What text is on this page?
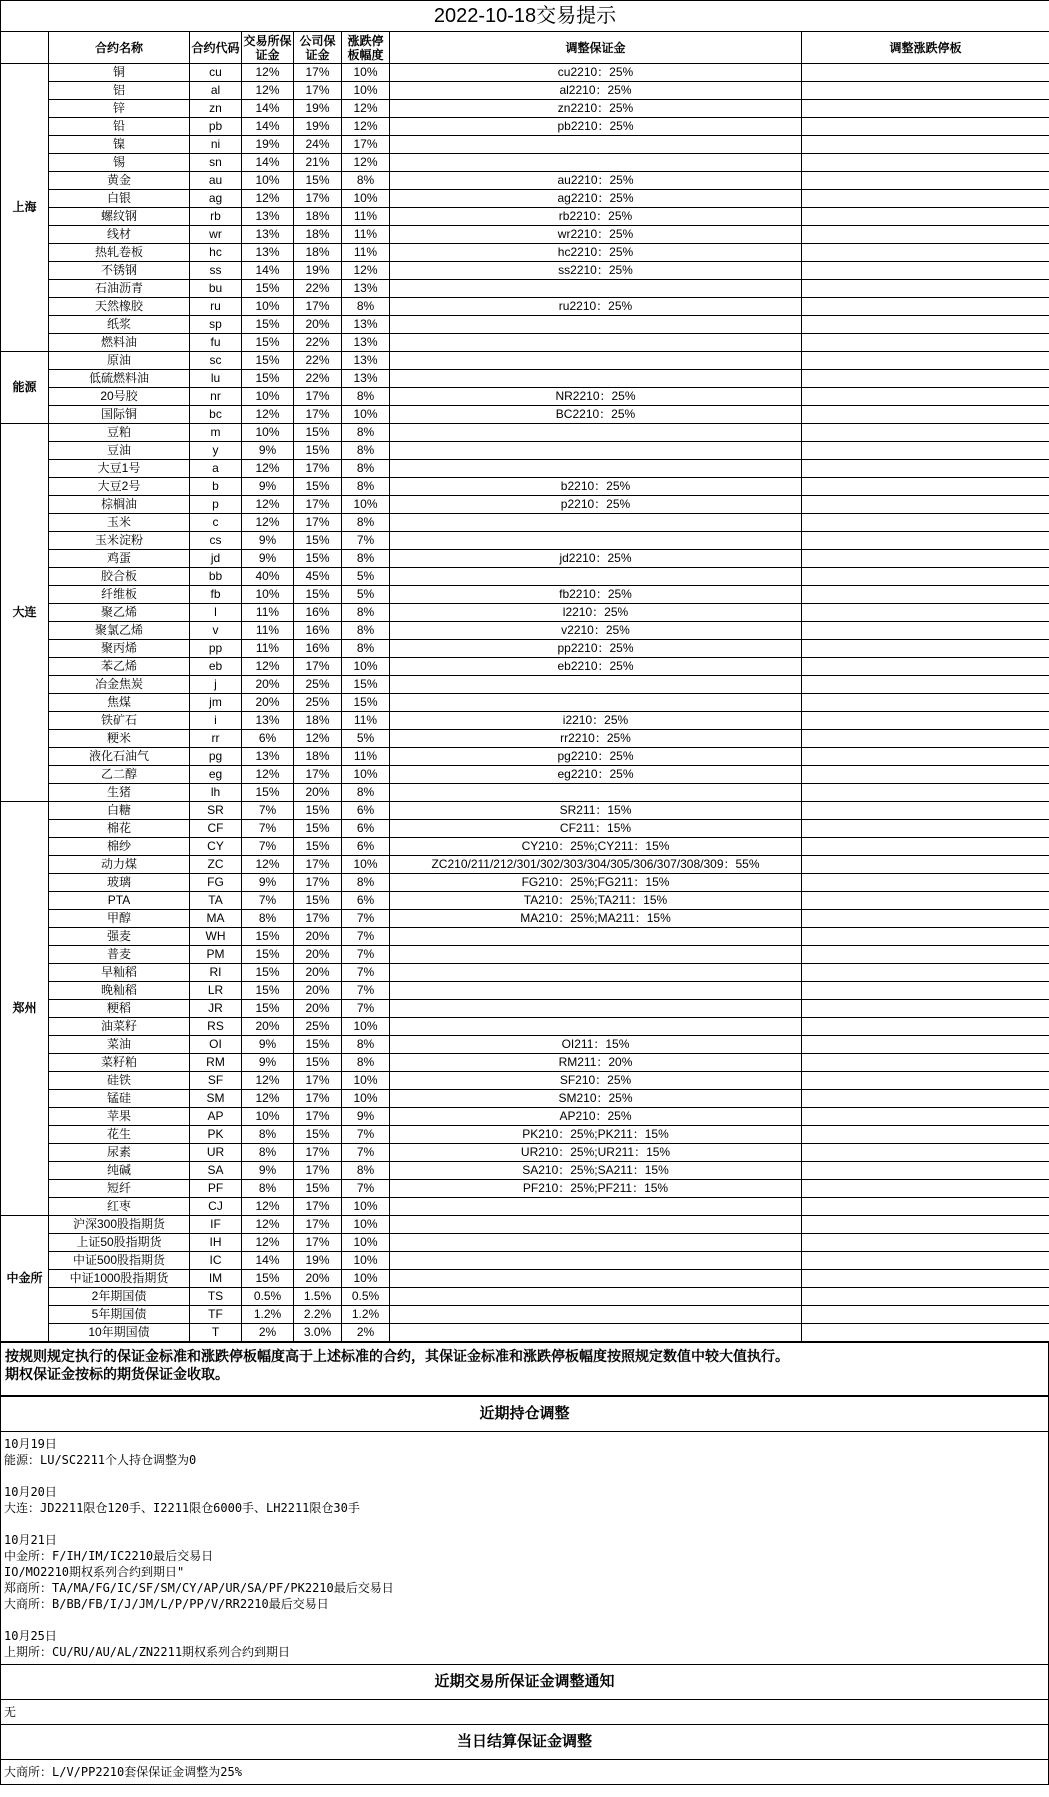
2022-10-18交易提示							
	合约名称	合约代码	交易所保证金	公司保证金	涨跌停板幅度	调整保证金	调整涨跌停板
上海	铜	cu	12%	17%	10%	cu2210：25%	
	铝	al	12%	17%	10%	al2210：25%	
	锌	zn	14%	19%	12%	zn2210：25%	
	铅	pb	14%	19%	12%	pb2210：25%	
	镍	ni	19%	24%	17%		
	锡	sn	14%	21%	12%		
	黄金	au	10%	15%	8%	au2210：25%	
	白银	ag	12%	17%	10%	ag2210：25%	
	螺纹钢	rb	13%	18%	11%	rb2210：25%	
	线材	wr	13%	18%	11%	wr2210：25%	
	热轧卷板	hc	13%	18%	11%	hc2210：25%	
	不锈钢	ss	14%	19%	12%	ss2210：25%	
	石油沥青	bu	15%	22%	13%		
	天然橡胶	ru	10%	17%	8%	ru2210：25%	
	纸浆	sp	15%	20%	13%		
	燃料油	fu	15%	22%	13%		
能源	原油	sc	15%	22%	13%		
	低硫燃料油	lu	15%	22%	13%		
	20号胶	nr	10%	17%	8%	NR2210：25%	
	国际铜	bc	12%	17%	10%	BC2210：25%	
大连	豆粕	m	10%	15%	8%		
	豆油	y	9%	15%	8%		
	大豆1号	a	12%	17%	8%		
	大豆2号	b	9%	15%	8%	b2210：25%	
	棕榈油	p	12%	17%	10%	p2210：25%	
	玉米	c	12%	17%	8%		
	玉米淀粉	cs	9%	15%	7%		
	鸡蛋	jd	9%	15%	8%	jd2210：25%	
	胶合板	bb	40%	45%	5%		
	纤维板	fb	10%	15%	5%	fb2210：25%	
	聚乙烯	l	11%	16%	8%	l2210：25%	
	聚氯乙烯	v	11%	16%	8%	v2210：25%	
	聚丙烯	pp	11%	16%	8%	pp2210：25%	
	苯乙烯	eb	12%	17%	10%	eb2210：25%	
	冶金焦炭	j	20%	25%	15%		
	焦煤	jm	20%	25%	15%		
	铁矿石	i	13%	18%	11%	i2210：25%	
	粳米	rr	6%	12%	5%	rr2210：25%	
	液化石油气	pg	13%	18%	11%	pg2210：25%	
	乙二醇	eg	12%	17%	10%	eg2210：25%	
	生猪	lh	15%	20%	8%		
郑州	白糖	SR	7%	15%	6%	SR211：15%	
	棉花	CF	7%	15%	6%	CF211：15%	
	棉纱	CY	7%	15%	6%	CY210：25%;CY211：15%	
	动力煤	ZC	12%	17%	10%	ZC210/211/212/301/302/303/304/305/306/307/308/309：55%	
	玻璃	FG	9%	17%	8%	FG210：25%;FG211：15%	
	PTA	TA	7%	15%	6%	TA210：25%;TA211：15%	
	甲醇	MA	8%	17%	7%	MA210：25%;MA211：15%	
	强麦	WH	15%	20%	7%		
	普麦	PM	15%	20%	7%		
	早籼稻	RI	15%	20%	7%		
	晚籼稻	LR	15%	20%	7%		
	粳稻	JR	15%	20%	7%		
	油菜籽	RS	20%	25%	10%		
	菜油	OI	9%	15%	8%	OI211：15%	
	菜籽粕	RM	9%	15%	8%	RM211：20%	
	硅铁	SF	12%	17%	10%	SF210：25%	
	锰硅	SM	12%	17%	10%	SM210：25%	
	苹果	AP	10%	17%	9%	AP210：25%	
	花生	PK	8%	15%	7%	PK210：25%;PK211：15%	
	尿素	UR	8%	17%	7%	UR210：25%;UR211：15%	
	纯碱	SA	9%	17%	8%	SA210：25%;SA211：15%	
	短纤	PF	8%	15%	7%	PF210：25%;PF211：15%	
	红枣	CJ	12%	17%	10%		
中金所	沪深300股指期货	IF	12%	17%	10%		
	上证50股指期货	IH	12%	17%	10%		
	中证500股指期货	IC	14%	19%	10%		
	中证1000股指期货	IM	15%	20%	10%		
	2年期国债	TS	0.5%	1.5%	0.5%		
	5年期国债	TF	1.2%	2.2%	1.2%		
	10年期国债	T	2%	3.0%	2%		
按规则规定执行的保证金标准和涨跌停板幅度高于上述标准的合约，其保证金标准和涨跌停板幅度按照规定数值中较大值执行。
期权保证金按标的期货保证金收取。
近期持仓调整

10月19日
能源：LU/SC2211个人持仓调整为0
10月20日
大连：JD2211限仓120手、I2211限仓6000手、LH2211限仓30手
10月21日
中金所：F/IH/IM/IC2210最后交易日
IO/MO2210期权系列合约到期日"
郑商所：TA/MA/FG/IC/SF/SM/CY/AP/UR/SA/PF/PK2210最后交易日
大商所：B/BB/FB/I/J/JM/L/P/PP/V/RR2210最后交易日
10月25日
上期所：CU/RU/AU/AL/ZN2211期权系列合约到期日

近期交易所保证金调整通知

无

当日结算保证金调整

大商所：L/V/PP2210套保保证金调整为25%
